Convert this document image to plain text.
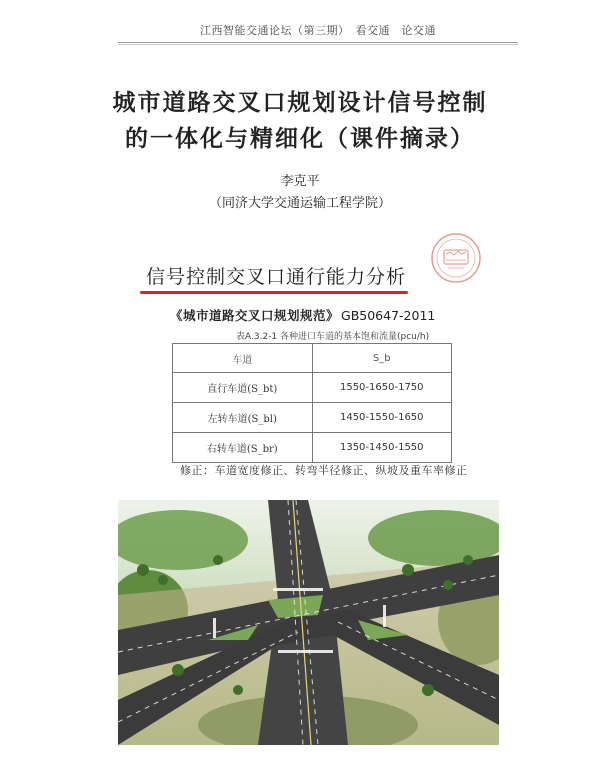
江西智能交通论坛（第三期）　看交通　论交通
城市道路交叉口规划设计信号控制
的一体化与精细化（课件摘录）
李克平
（同济大学交通运输工程学院）
信号控制交叉口通行能力分析
《城市道路交叉口规划规范》 GB50647-2011
表A.3.2-1 各种进口车道的基本饱和流量(pcu/h)
车道	S_b
直行车道(S_bt)	1550-1650-1750
左转车道(S_bl)	1450-1550-1650
右转车道(S_br)	1350-1450-1550
修正：车道宽度修正、转弯半径修正、纵坡及重车率修正
